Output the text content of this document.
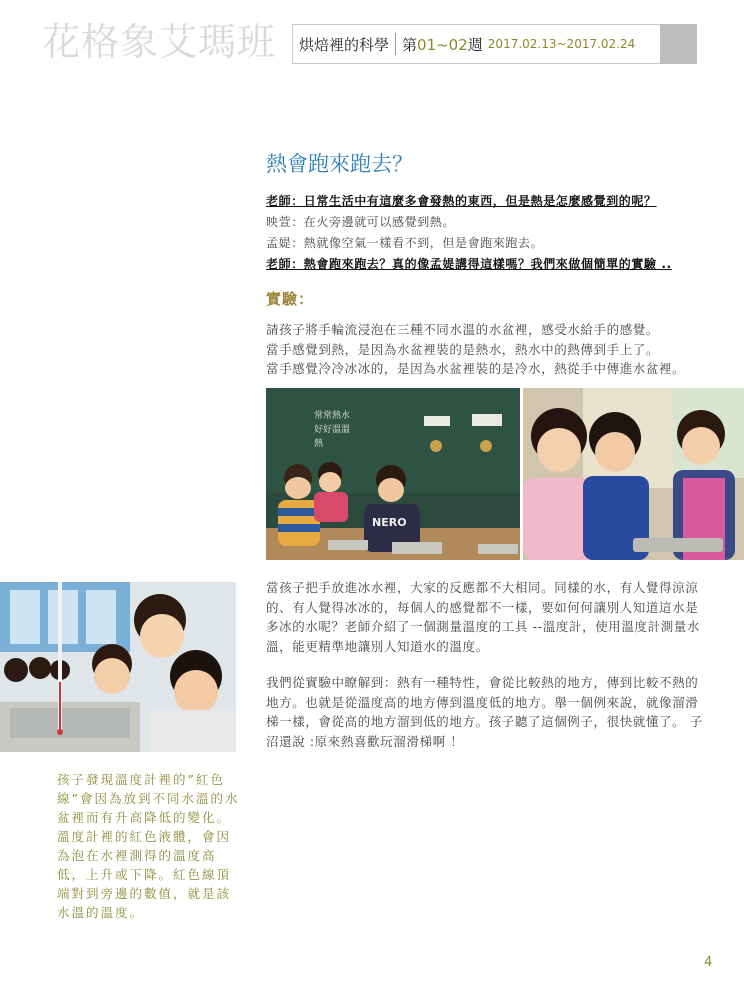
花格象艾瑪班	烘焙裡的科學 第01~02週 2017.02.13~2017.02.24
熱會跑來跑去？
老師：日常生活中有這麼多會發熱的東西，但是熱是怎麼感覺到的呢？
映萱：在火旁邊就可以感覺到熱。
孟媞：熱就像空氣一樣看不到，但是會跑來跑去。
老師：熱會跑來跑去？真的像孟媞講得這樣嗎？我們來做個簡單的實驗 ..
實驗：
請孩子將手輪流浸泡在三種不同水溫的水盆裡，感受水給手的感覺。
當手感覺到熱，是因為水盆裡裝的是熱水，熱水中的熱傳到手上了。
當手感覺冷冷冰冰的，是因為水盆裡裝的是冷水，熱從手中傳進水盆裡。
常常熱水
好好溫溫
熱
NERO
當孩子把手放進冰水裡，大家的反應都不大相同。同樣的水，有人覺得涼涼的、有人覺得冰冰的，每個人的感覺都不一樣，要如何何讓別人知道這水是多冰的水呢？老師介紹了一個測量溫度的工具 --溫度計，使用溫度計測量水溫，能更精準地讓別人知道水的溫度。
我們從實驗中瞭解到：熱有一種特性，會從比較熱的地方，傳到比較不熱的地方。也就是從溫度高的地方傳到溫度低的地方。舉一個例來說，就像溜滑梯一樣，會從高的地方溜到低的地方。孩子聽了這個例子，很快就懂了。 子沼還說 :原來熱喜歡玩溜滑梯啊 ！
孩子發現溫度計裡的”紅色線”會因為放到不同水溫的水盆裡而有升高降低的變化。溫度計裡的紅色液體，會因為泡在水裡測得的溫度高低，上升或下降。紅色線頂端對到旁邊的數值，就是該水溫的溫度。
4
